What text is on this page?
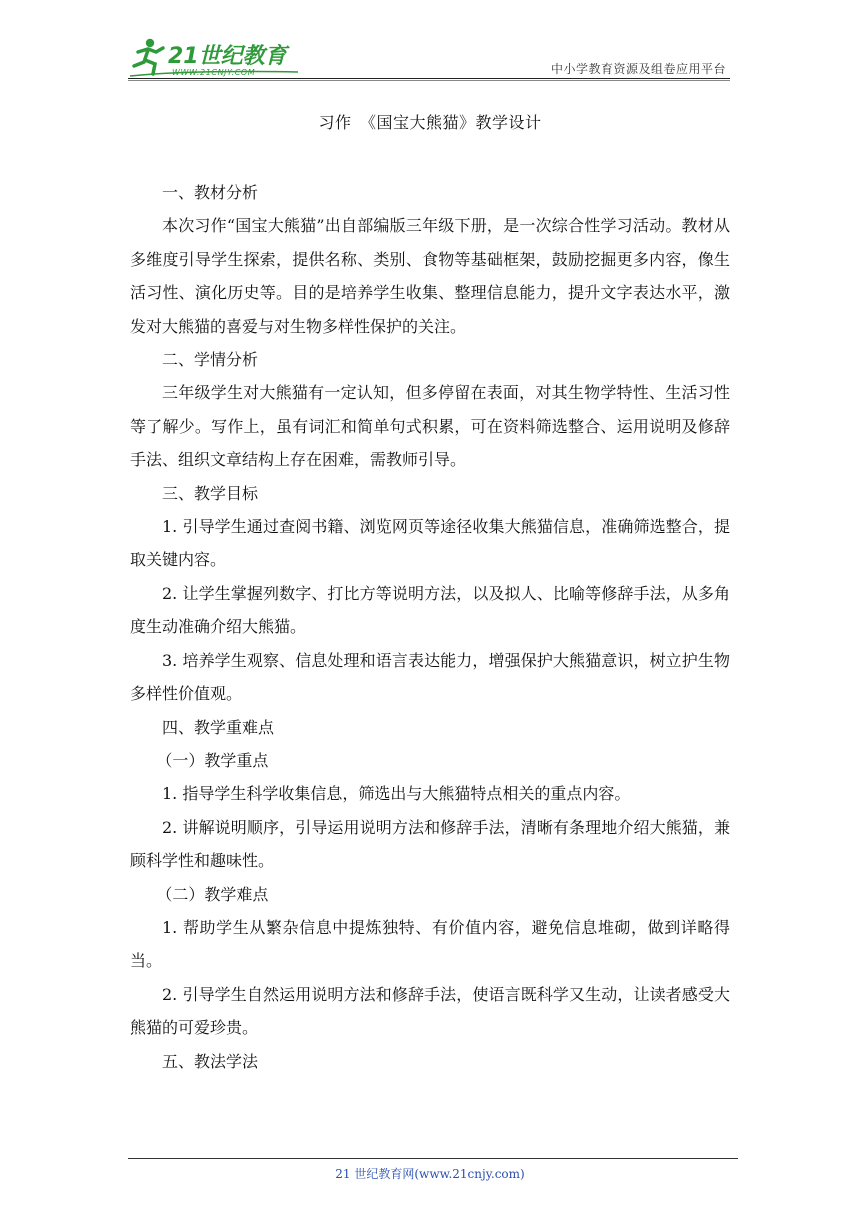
21世纪教育
WWW.21CNJY.COM	中小学教育资源及组卷应用平台
习作　《国宝大熊猫》教学设计

一、教材分析

本次习作“国宝大熊猫”出自部编版三年级下册，是一次综合性学习活动。教材从多维度引导学生探索，提供名称、类别、食物等基础框架，鼓励挖掘更多内容，像生活习性、演化历史等。目的是培养学生收集、整理信息能力，提升文字表达水平，激发对大熊猫的喜爱与对生物多样性保护的关注。

二、学情分析

三年级学生对大熊猫有一定认知，但多停留在表面，对其生物学特性、生活习性等了解少。写作上，虽有词汇和简单句式积累，可在资料筛选整合、运用说明及修辞手法、组织文章结构上存在困难，需教师引导。

三、教学目标

1. 引导学生通过查阅书籍、浏览网页等途径收集大熊猫信息，准确筛选整合，提取关键内容。

2. 让学生掌握列数字、打比方等说明方法，以及拟人、比喻等修辞手法，从多角度生动准确介绍大熊猫。

3. 培养学生观察、信息处理和语言表达能力，增强保护大熊猫意识，树立护生物多样性价值观。

四、教学重难点

（一）教学重点

1. 指导学生科学收集信息，筛选出与大熊猫特点相关的重点内容。

2. 讲解说明顺序，引导运用说明方法和修辞手法，清晰有条理地介绍大熊猫，兼顾科学性和趣味性。

（二）教学难点

1. 帮助学生从繁杂信息中提炼独特、有价值内容，避免信息堆砌，做到详略得当。

2. 引导学生自然运用说明方法和修辞手法，使语言既科学又生动，让读者感受大熊猫的可爱珍贵。

五、教法学法

21 世纪教育网(www.21cnjy.com)
